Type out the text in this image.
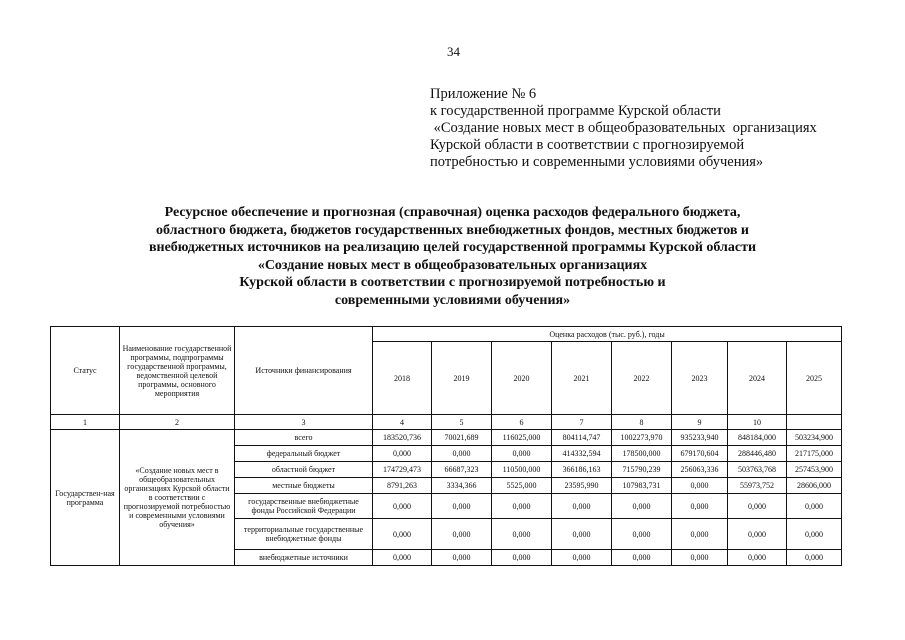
34
Приложение № 6
к государственной программе Курской области
«Создание новых мест в общеобразовательных  организациях
Курской области в соответствии с прогнозируемой
потребностью и современными условиями обучения»
Ресурсное обеспечение и прогнозная (справочная) оценка расходов федерального бюджета,
областного бюджета, бюджетов государственных внебюджетных фондов, местных бюджетов и
внебюджетных источников на реализацию целей государственной программы Курской области
«Создание новых мест в общеобразовательных организациях
Курской области в соответствии с прогнозируемой потребностью и
современными условиями обучения»
Статус	Наименование государственной программы, подпрограммы государственной программы, ведомственной целевой программы, основного мероприятия	Источники финансирования	Оценка расходов (тыс. руб.), годы							
			2018	2019	2020	2021	2022	2023	2024	2025
1	2	3	4	5	6	7	8	9	10	
Государствен-ная программа	«Создание новых мест в общеобразовательных организациях Курской области в соответствии с прогнозируемой потребностью и современными условиями обучения»	всего	183520,736	70021,689	116025,000	804114,747	1002273,970	935233,940	848184,000	503234,900
		федеральный бюджет	0,000	0,000	0,000	414332,594	178500,000	679170,604	288446,480	217175,000
		областной бюджет	174729,473	66687,323	110500,000	366186,163	715790,239	256063,336	503763,768	257453,900
		местные бюджеты	8791,263	3334,366	5525,000	23595,990	107983,731	0,000	55973,752	28606,000
		государственные внебюджетные фонды Российской Федерации	0,000	0,000	0,000	0,000	0,000	0,000	0,000	0,000
		территориальные государственные внебюджетные фонды	0,000	0,000	0,000	0,000	0,000	0,000	0,000	0,000
		внебюджетные источники	0,000	0,000	0,000	0,000	0,000	0,000	0,000	0,000
